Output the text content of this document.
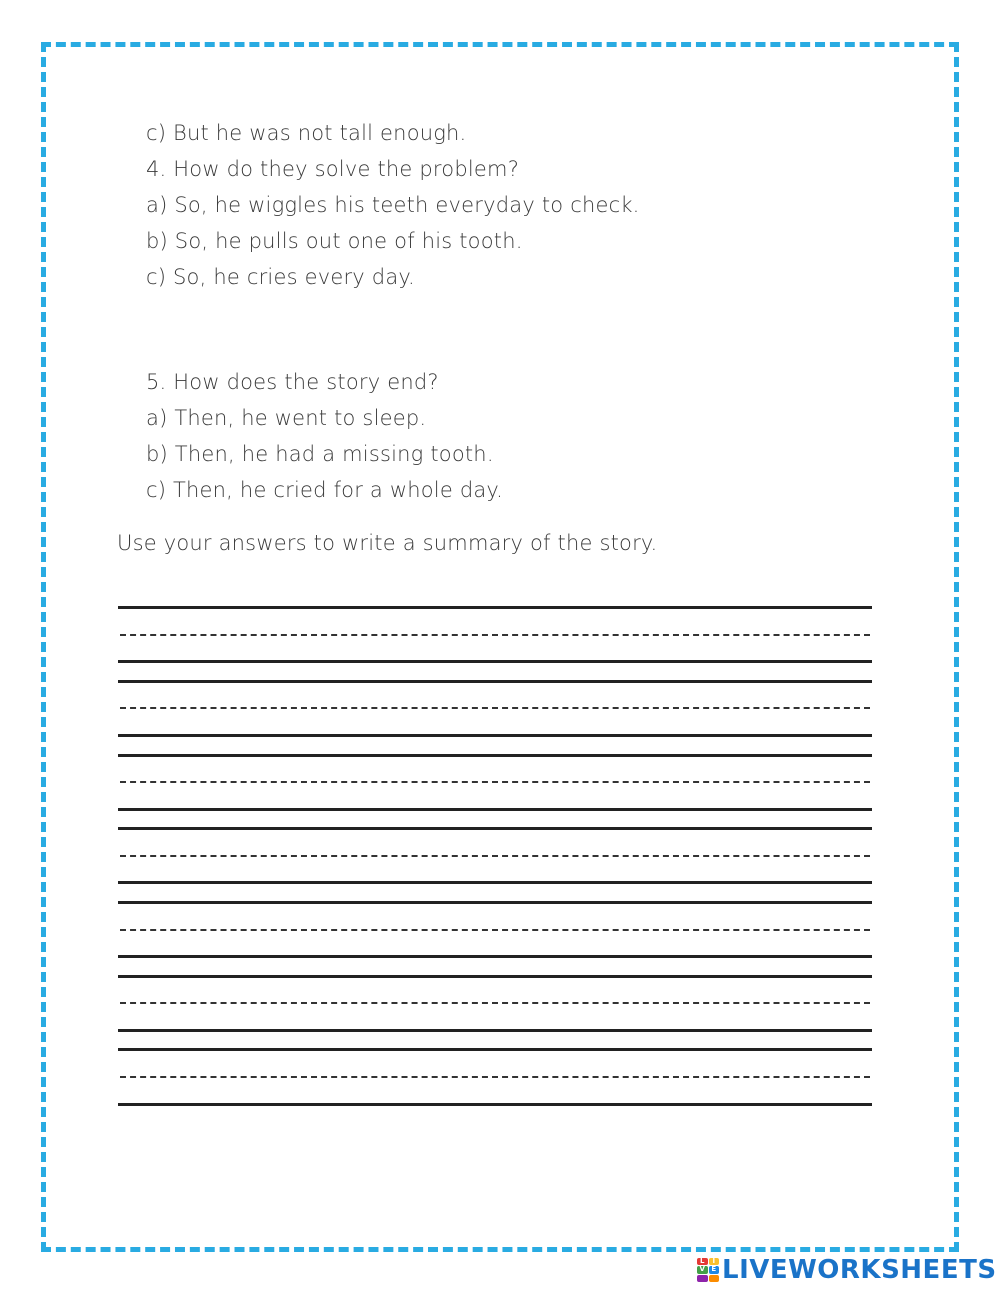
c) But he was not tall enough.
4. How do they solve the problem?
a) So, he wiggles his teeth everyday to check.
b) So, he pulls out one of his tooth.
c) So, he cries every day.
5. How does the story end?
a) Then, he went to sleep.
b) Then, he had a missing tooth.
c) Then, he cried for a whole day.
Use your answers to write a summary of the story.
L	I
V E LIVEWORKSHEETS
